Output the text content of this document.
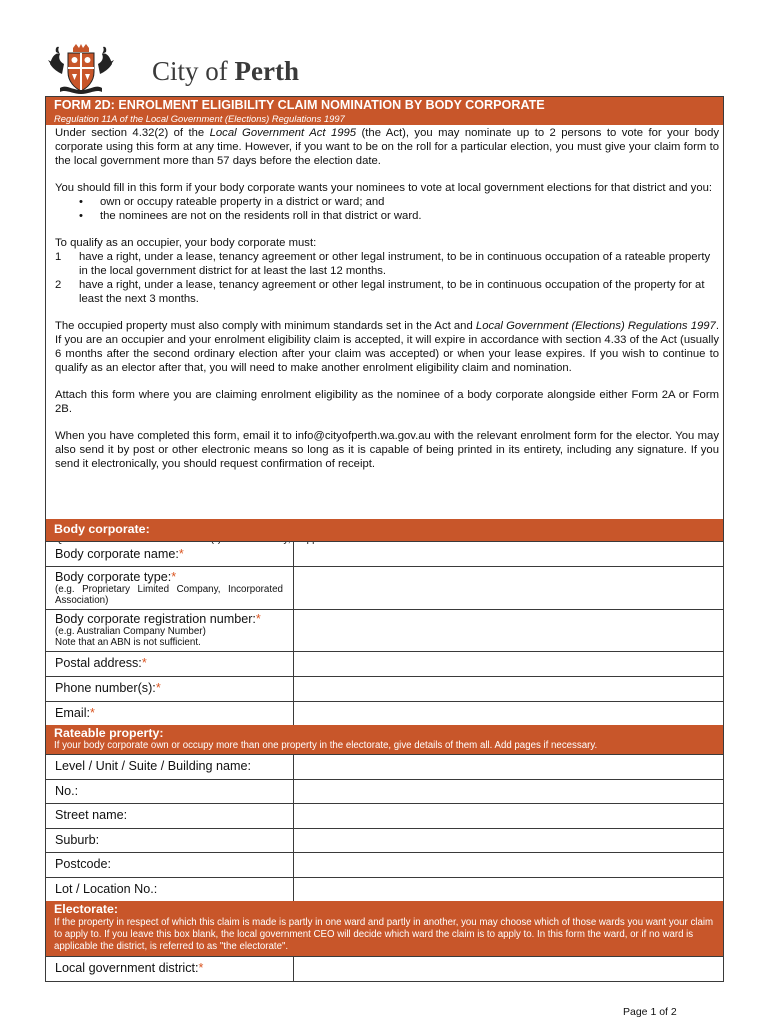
City of Perth
FORM 2D: ENROLMENT ELIGIBILITY CLAIM NOMINATION BY BODY CORPORATE
Regulation 11A of the Local Government (Elections) Regulations 1997

Under section 4.32(2) of the Local Government Act 1995 (the Act), you may nominate up to 2 persons to vote for your body corporate using this form at any time. However, if you want to be on the roll for a particular election, you must give your claim form to the local government more than 57 days before the election date.

You should fill in this form if your body corporate wants your nominees to vote at local government elections for that district and you:

• own or occupy rateable property in a district or ward; and
• the nominees are not on the residents roll in that district or ward.

To qualify as an occupier, your body corporate must:

1 have a right, under a lease, tenancy agreement or other legal instrument, to be in continuous occupation of a rateable property in the local government district for at least the last 12 months.
2 have a right, under a lease, tenancy agreement or other legal instrument, to be in continuous occupation of the property for at least the next 3 months.

The occupied property must also comply with minimum standards set in the Act and Local Government (Elections) Regulations 1997. If you are an occupier and your enrolment eligibility claim is accepted, it will expire in accordance with section 4.33 of the Act (usually 6 months after the second ordinary election after your claim was accepted) or when your lease expires. If you wish to continue to qualify as an elector after that, you will need to make another enrolment eligibility claim and nomination.

Attach this form where you are claiming enrolment eligibility as the nominee of a body corporate alongside either Form 2A or Form 2B.

When you have completed this form, email it to info@cityofperth.wa.gov.au with the relevant enrolment form for the elector. You may also send it by post or other electronic means so long as it is capable of being printed in its entirety, including any signature. If you send it electronically, you should request confirmation of receipt.

Body corporate:
Body corporate name:*
Body corporate type:*
(e.g. Proprietary Limited Company, Incorporated Association)
Body corporate registration number:*
(e.g. Australian Company Number)
Note that an ABN is not sufficient.
Postal address:*
Phone number(s):*
Email:*
Rateable property:
If your body corporate own or occupy more than one property in the electorate, give details of them all. Add pages if necessary.
Level / Unit / Suite / Building name:
No.:
Street name:
Suburb:
Postcode:
Lot / Location No.:
Electorate:
If the property in respect of which this claim is made is partly in one ward and partly in another, you may choose which of those wards you want your claim to apply to. If you leave this box blank, the local government CEO will decide which ward the claim is to apply to. In this form the ward, or if no ward is applicable the district, is referred to as "the electorate".
Local government district:*
Page 1 of 2
